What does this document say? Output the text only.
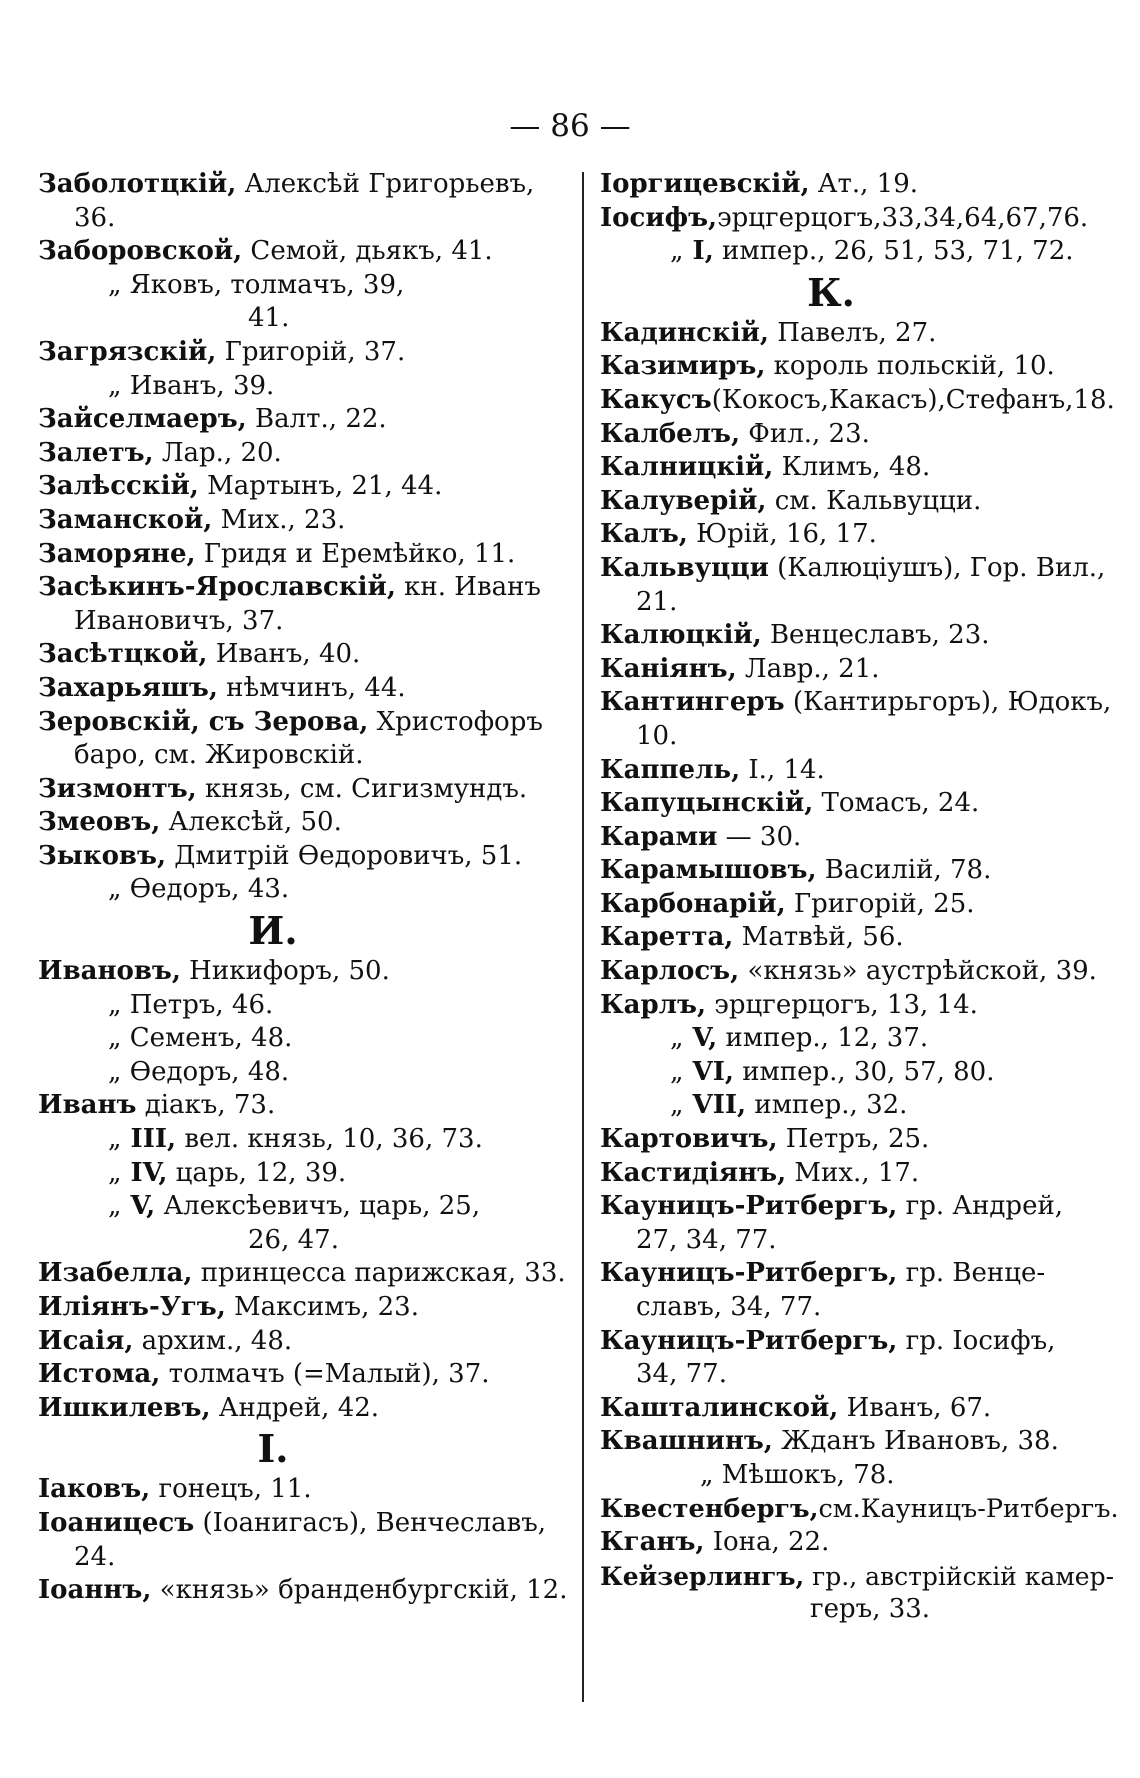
— 86 —
Заболотцкій, Алексѣй Григорьевъ,
36.
Заборовской, Семой, дьякъ, 41.
„ Яковъ, толмачъ, 39,
41.
Загрязскій, Григорій, 37.
„ Иванъ, 39.
Зайселмаеръ, Валт., 22.
Залетъ, Лар., 20.
Залѣсскій, Мартынъ, 21, 44.
Заманской, Мих., 23.
Заморяне, Гридя и Еремѣйко, 11.
Засѣкинъ-Ярославскій, кн. Иванъ
Ивановичъ, 37.
Засѣтцкой, Иванъ, 40.
Захарьяшъ, нѣмчинъ, 44.
Зеровскій, съ Зерова, Христофоръ
баро, см. Жировскій.
Зизмонтъ, князь, см. Сигизмундъ.
Змеовъ, Алексѣй, 50.
Зыковъ, Дмитрій Ѳедоровичъ, 51.
„ Ѳедоръ, 43.
И.
Ивановъ, Никифоръ, 50.
„ Петръ, 46.
„ Семенъ, 48.
„ Ѳедоръ, 48.
Иванъ діакъ, 73.
„ III, вел. князь, 10, 36, 73.
„ IV, царь, 12, 39.
„ V, Алексѣевичъ, царь, 25,
26, 47.
Изабелла, принцесса парижская, 33.
Иліянъ-Угъ, Максимъ, 23.
Исаія, архим., 48.
Истома, толмачъ (=Малый), 37.
Ишкилевъ, Андрей, 42.
І.
Іаковъ, гонецъ, 11.
Іоаницесъ (Іоанигасъ), Венчеславъ,
24.
Іоаннъ, «князь» бранденбургскій, 12.
Іоргицевскій, Ат., 19.
Іосифъ,эрцгерцогъ,33,34,64,67,76.
„ I, импер., 26, 51, 53, 71, 72.
К.
Кадинскій, Павелъ, 27.
Казимиръ, король польскій, 10.
Какусъ(Кокосъ,Какасъ),Стефанъ,18.
Калбелъ, Фил., 23.
Калницкій, Климъ, 48.
Калуверій, см. Кальвуцци.
Калъ, Юрій, 16, 17.
Кальвуцци (Калюціушъ), Гор. Вил.,
21.
Калюцкій, Венцеславъ, 23.
Каніянъ, Лавр., 21.
Кантингеръ (Кантирьгоръ), Юдокъ,
10.
Каппель, І., 14.
Капуцынскій, Томасъ, 24.
Карами — 30.
Карамышовъ, Василій, 78.
Карбонарій, Григорій, 25.
Каретта, Матвѣй, 56.
Карлосъ, «князь» аустрѣйской, 39.
Карлъ, эрцгерцогъ, 13, 14.
„ V, импер., 12, 37.
„ VI, импер., 30, 57, 80.
„ VII, импер., 32.
Картовичъ, Петръ, 25.
Кастидіянъ, Мих., 17.
Кауницъ-Ритбергъ, гр. Андрей,
27, 34, 77.
Кауницъ-Ритбергъ, гр. Венце-
славъ, 34, 77.
Кауницъ-Ритбергъ, гр. Іосифъ,
34, 77.
Кашталинской, Иванъ, 67.
Квашнинъ, Жданъ Ивановъ, 38.
„ Мѣшокъ, 78.
Квестенбергъ,см.Кауницъ-Ритбергъ.
Кганъ, Іона, 22.
Кейзерлингъ, гр., австрійскій камер-
геръ, 33.
